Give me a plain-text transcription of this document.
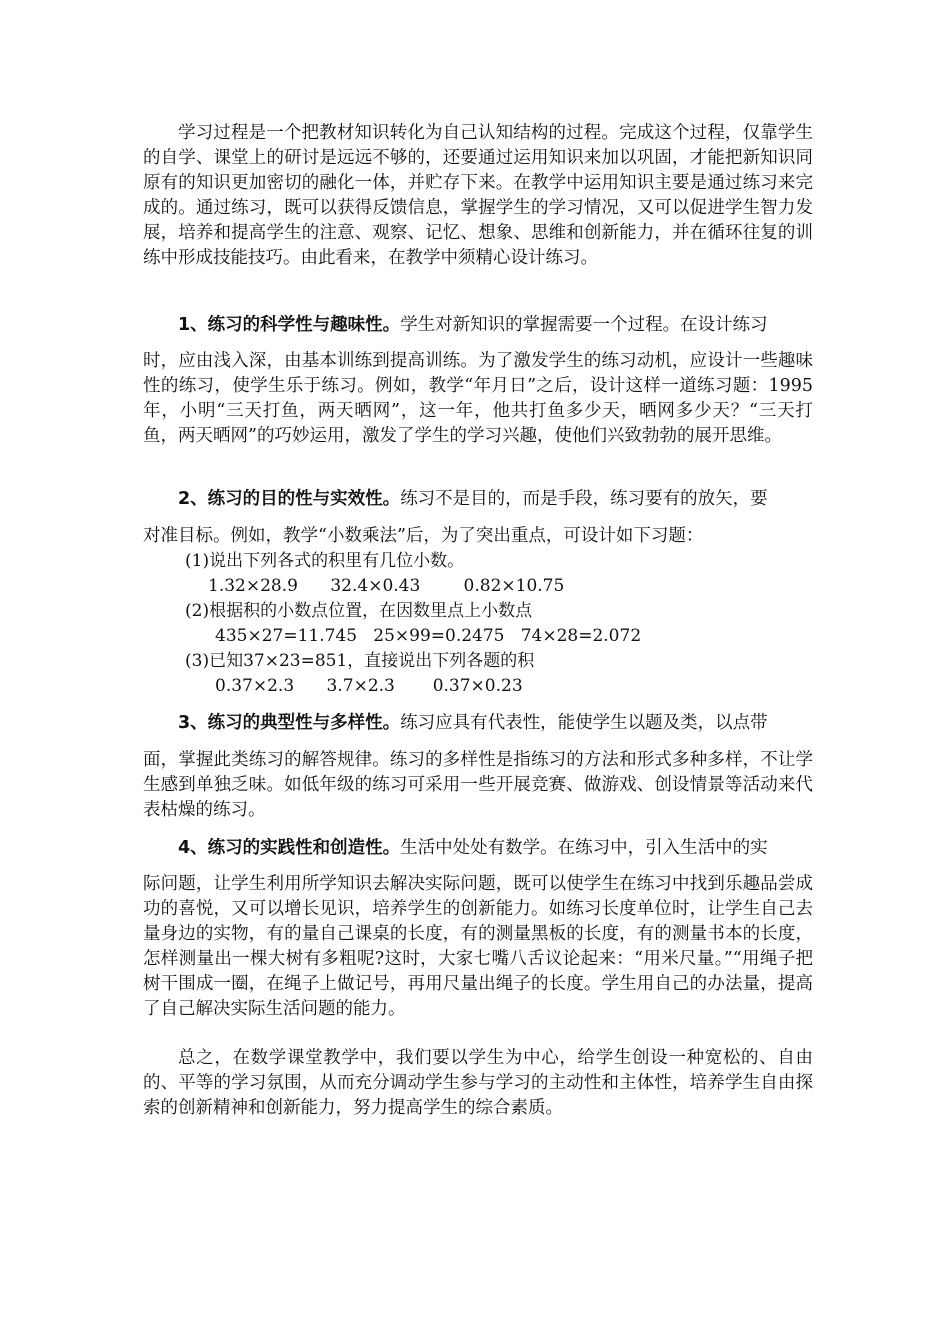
学习过程是一个把教材知识转化为自己认知结构的过程。完成这个过程，仅靠学生的自学、课堂上的研讨是远远不够的，还要通过运用知识来加以巩固，才能把新知识同原有的知识更加密切的融化一体，并贮存下来。在教学中运用知识主要是通过练习来完成的。通过练习，既可以获得反馈信息，掌握学生的学习情况，又可以促进学生智力发展，培养和提高学生的注意、观察、记忆、想象、思维和创新能力，并在循环往复的训练中形成技能技巧。由此看来，在教学中须精心设计练习。

1、练习的科学性与趣味性。学生对新知识的掌握需要一个过程。在设计练习

时，应由浅入深，由基本训练到提高训练。为了激发学生的练习动机，应设计一些趣味性的练习，使学生乐于练习。例如，教学“年月日”之后，设计这样一道练习题：1995年，小明“三天打鱼，两天晒网”，这一年，他共打鱼多少天，晒网多少天？“三天打鱼，两天晒网”的巧妙运用，激发了学生的学习兴趣，使他们兴致勃勃的展开思维。

2、练习的目的性与实效性。练习不是目的，而是手段，练习要有的放矢，要

对准目标。例如，教学“小数乘法”后，为了突出重点，可设计如下习题：

(1)说出下列各式的积里有几位小数。

1.32×28.9      32.4×0.43        0.82×10.75

(2)根据积的小数点位置，在因数里点上小数点

435×27=11.745   25×99=0.2475   74×28=2.072

(3)已知37×23=851，直接说出下列各题的积

0.37×2.3      3.7×2.3       0.37×0.23

3、练习的典型性与多样性。练习应具有代表性，能使学生以题及类，以点带

面，掌握此类练习的解答规律。练习的多样性是指练习的方法和形式多种多样，不让学生感到单独乏味。如低年级的练习可采用一些开展竞赛、做游戏、创设情景等活动来代表枯燥的练习。

4、练习的实践性和创造性。生活中处处有数学。在练习中，引入生活中的实

际问题，让学生利用所学知识去解决实际问题，既可以使学生在练习中找到乐趣品尝成功的喜悦，又可以增长见识，培养学生的创新能力。如练习长度单位时，让学生自己去量身边的实物，有的量自己课桌的长度，有的测量黑板的长度，有的测量书本的长度，怎样测量出一棵大树有多粗呢?这时，大家七嘴八舌议论起来：“用米尺量。”“用绳子把树干围成一圈，在绳子上做记号，再用尺量出绳子的长度。学生用自己的办法量，提高了自己解决实际生活问题的能力。

总之，在数学课堂教学中，我们要以学生为中心，给学生创设一种宽松的、自由的、平等的学习氛围，从而充分调动学生参与学习的主动性和主体性，培养学生自由探索的创新精神和创新能力，努力提高学生的综合素质。
